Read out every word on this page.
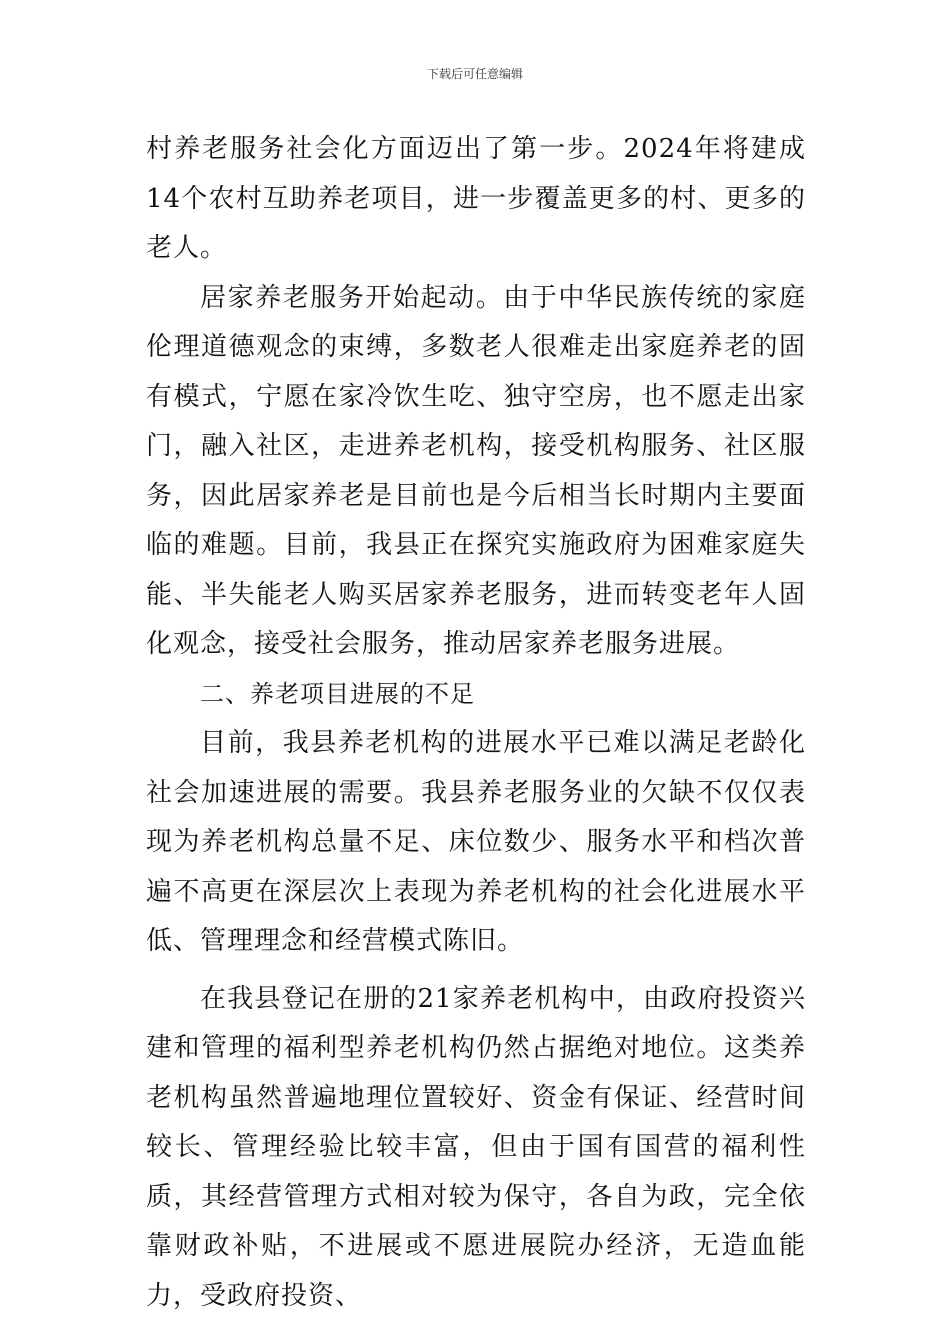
下载后可任意编辑

村养老服务社会化方面迈出了第一步。2024年将建成14个农村互助养老项目，进一步覆盖更多的村、更多的老人。

居家养老服务开始起动。由于中华民族传统的家庭伦理道德观念的束缚，多数老人很难走出家庭养老的固有模式，宁愿在家冷饮生吃、独守空房，也不愿走出家门，融入社区，走进养老机构，接受机构服务、社区服务，因此居家养老是目前也是今后相当长时期内主要面临的难题。目前，我县正在探究实施政府为困难家庭失能、半失能老人购买居家养老服务，进而转变老年人固化观念，接受社会服务，推动居家养老服务进展。

二、养老项目进展的不足

目前，我县养老机构的进展水平已难以满足老龄化社会加速进展的需要。我县养老服务业的欠缺不仅仅表现为养老机构总量不足、床位数少、服务水平和档次普遍不高更在深层次上表现为养老机构的社会化进展水平低、管理理念和经营模式陈旧。

在我县登记在册的21家养老机构中，由政府投资兴建和管理的福利型养老机构仍然占据绝对地位。这类养老机构虽然普遍地理位置较好、资金有保证、经营时间较长、管理经验比较丰富，但由于国有国营的福利性质，其经营管理方式相对较为保守，各自为政，完全依靠财政补贴，不进展或不愿进展院办经济，无造血能力，受政府投资、
